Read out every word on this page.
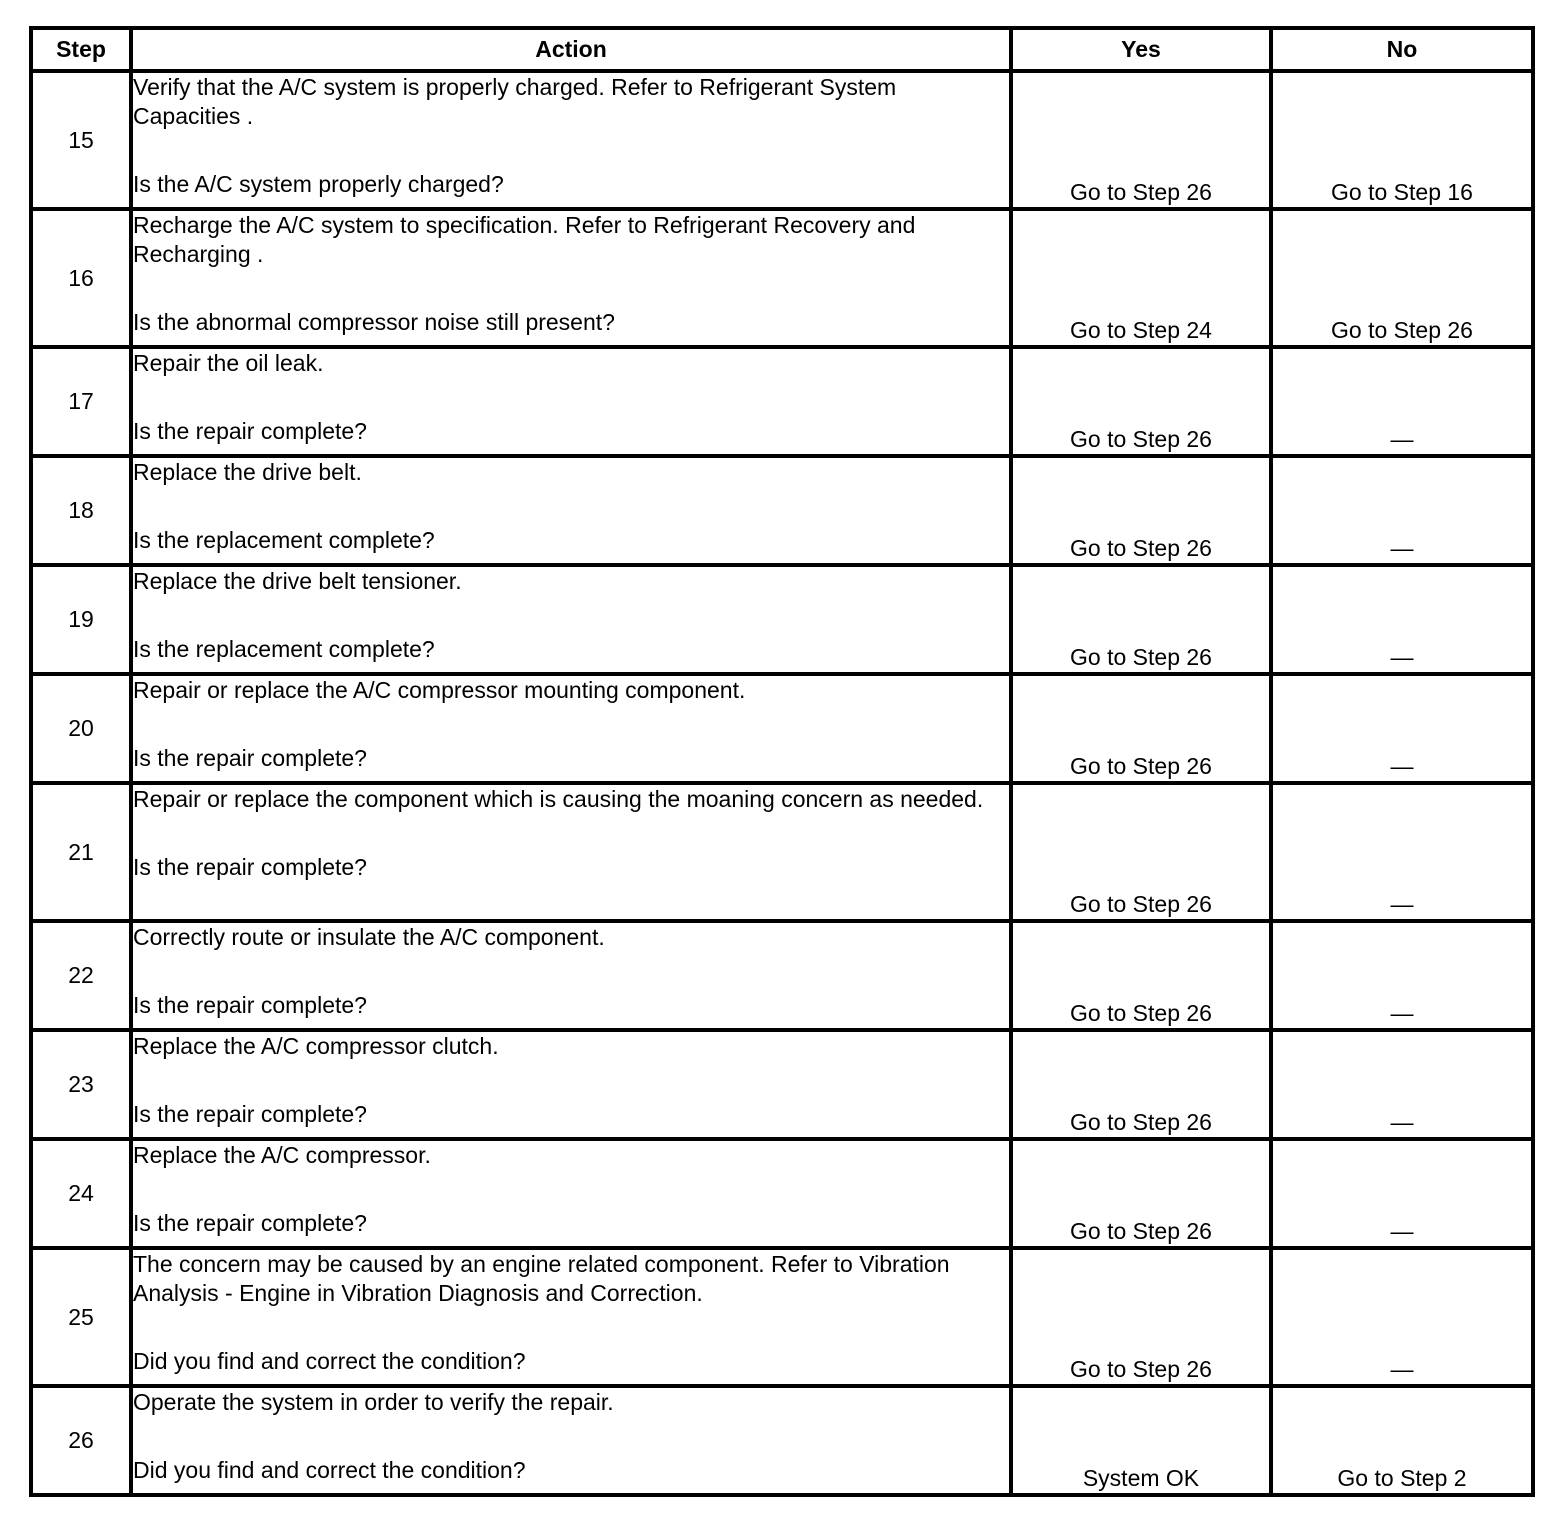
Step	Action	Yes	No
15	Verify that the A/C system is properly charged. Refer to Refrigerant System Capacities .
Is the A/C system properly charged?	Go to Step 26	Go to Step 16
16	Recharge the A/C system to specification. Refer to Refrigerant Recovery and Recharging .
Is the abnormal compressor noise still present?	Go to Step 24	Go to Step 26
17	Repair the oil leak.
Is the repair complete?	Go to Step 26	—
18	Replace the drive belt.
Is the replacement complete?	Go to Step 26	—
19	Replace the drive belt tensioner.
Is the replacement complete?	Go to Step 26	—
20	Repair or replace the A/C compressor mounting component.
Is the repair complete?	Go to Step 26	—
21	Repair or replace the component which is causing the moaning concern as needed.
Is the repair complete?	Go to Step 26	—
22	Correctly route or insulate the A/C component.
Is the repair complete?	Go to Step 26	—
23	Replace the A/C compressor clutch.
Is the repair complete?	Go to Step 26	—
24	Replace the A/C compressor.
Is the repair complete?	Go to Step 26	—
25	The concern may be caused by an engine related component. Refer to Vibration Analysis - Engine in Vibration Diagnosis and Correction.
Did you find and correct the condition?	Go to Step 26	—
26	Operate the system in order to verify the repair.
Did you find and correct the condition?	System OK	Go to Step 2
